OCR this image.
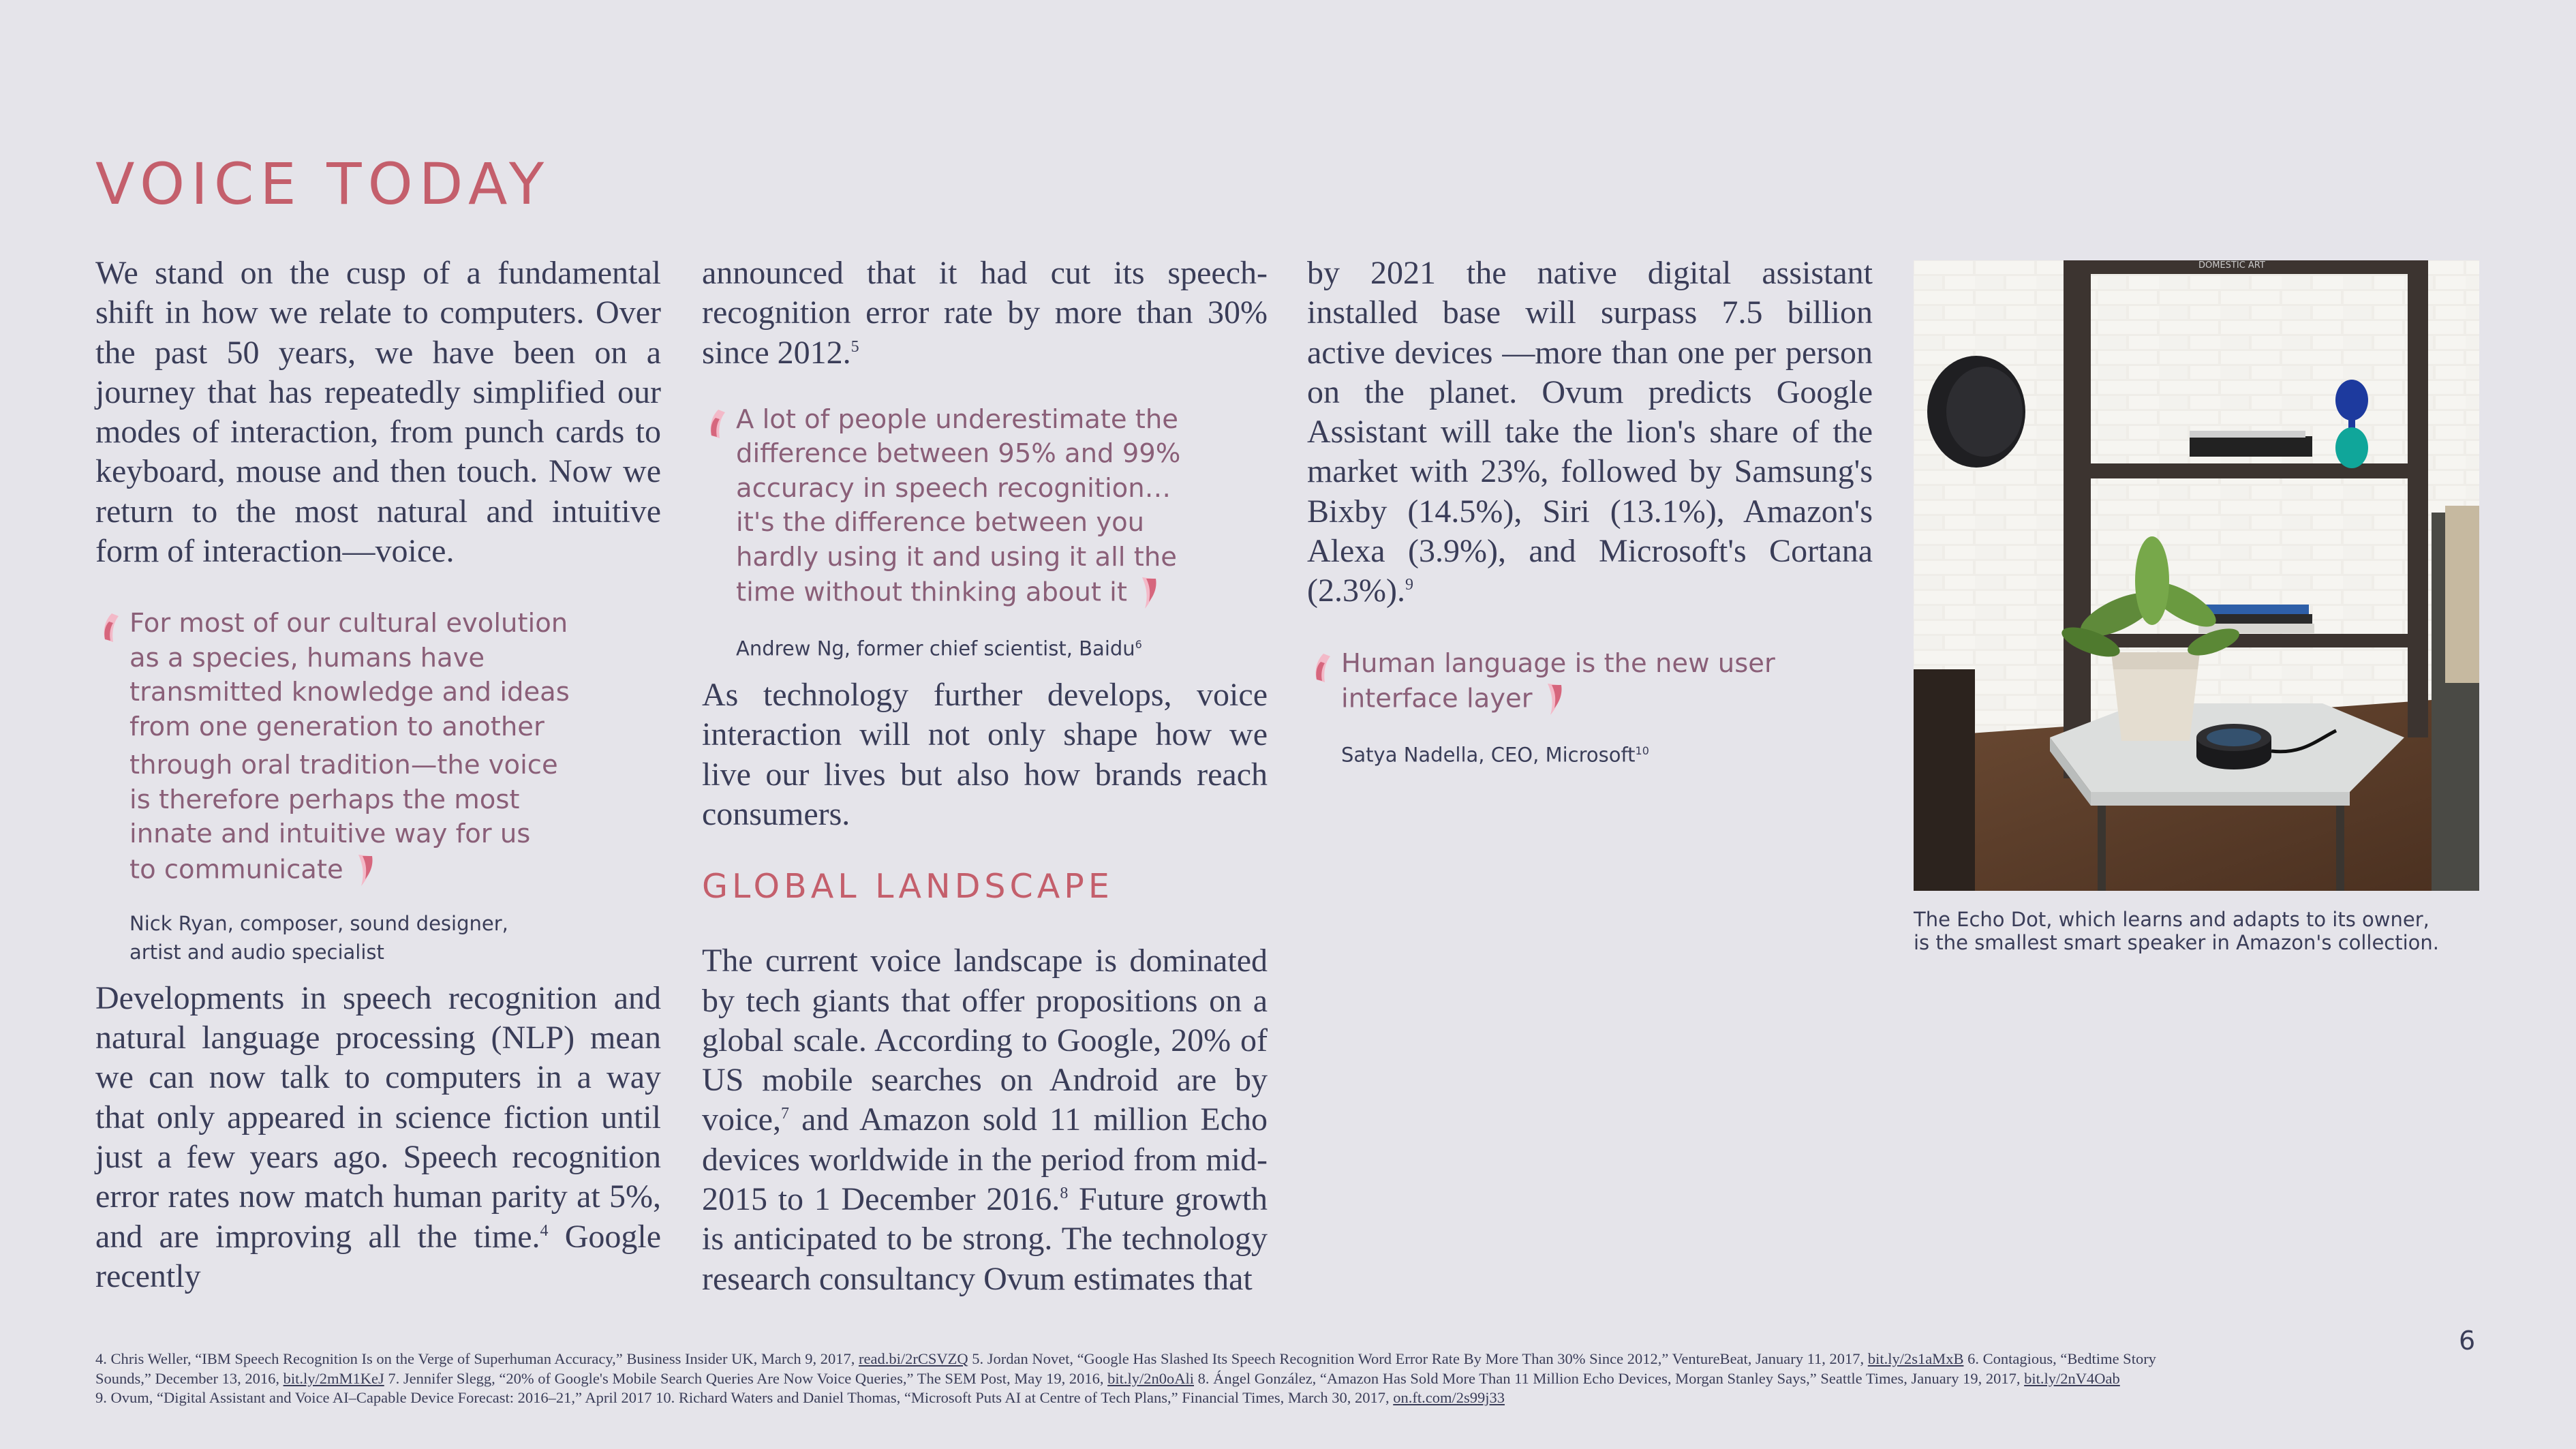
VOICE TODAY

We stand on the cusp of a fundamental shift in how we relate to computers. Over the past 50 years, we have been on a journey that has repeatedly simplified our modes of interaction, from punch cards to keyboard, mouse and then touch. Now we return to the most natural and intuitive form of interaction—voice.

For most of our cultural evolution
as a species, humans have
transmitted knowledge and ideas
from one generation to another
through oral tradition—the voice
is therefore perhaps the most
innate and intuitive way for us
to communicate

Nick Ryan, composer, sound designer,
artist and audio specialist

Developments in speech recognition and natural language processing (NLP) mean we can now talk to computers in a way that only appeared in science fiction until just a few years ago. Speech recognition error rates now match human parity at 5%, and are improving all the time.$^4$ Google recently

announced that it had cut its speech-recognition error rate by more than 30% since 2012.$^5$

A lot of people underestimate the
difference between 95% and 99%
accuracy in speech recognition…
it's the difference between you
hardly using it and using it all the
time without thinking about it

Andrew Ng, former chief scientist, Baidu$^6$

As technology further develops, voice interaction will not only shape how we live our lives but also how brands reach consumers.

GLOBAL LANDSCAPE

The current voice landscape is dominated by tech giants that offer propositions on a global scale. According to Google, 20% of US mobile searches on Android are by voice,$^7$ and Amazon sold 11 million Echo devices worldwide in the period from mid-2015 to 1 December 2016.$^8$ Future growth is anticipated to be strong. The technology research consultancy Ovum estimates that

by 2021 the native digital assistant installed base will surpass 7.5 billion active devices —more than one per person on the planet. Ovum predicts Google Assistant will take the lion's share of the market with 23%, followed by Samsung's Bixby (14.5%), Siri (13.1%), Amazon's Alexa (3.9%), and Microsoft's Cortana (2.3%).$^9$

Human language is the new user
interface layer

Satya Nadella, CEO, Microsoft$^{10}$

DOMESTIC ART
The Echo Dot, which learns and adapts to its owner,
is the smallest smart speaker in Amazon's collection.
6
4. Chris Weller, “IBM Speech Recognition Is on the Verge of Superhuman Accuracy,” Business Insider UK, March 9, 2017, read.bi/2rCSVZQ 5. Jordan Novet, “Google Has Slashed Its Speech Recognition Word Error Rate By More Than 30% Since 2012,” VentureBeat, January 11, 2017, bit.ly/2s1aMxB 6. Contagious, “Bedtime Story
Sounds,” December 13, 2016, bit.ly/2mM1KeJ 7. Jennifer Slegg, “20% of Google's Mobile Search Queries Are Now Voice Queries,” The SEM Post, May 19, 2016, bit.ly/2n0oAli 8. Ángel González, “Amazon Has Sold More Than 11 Million Echo Devices, Morgan Stanley Says,” Seattle Times, January 19, 2017, bit.ly/2nV4Oab
9. Ovum, “Digital Assistant and Voice AI–Capable Device Forecast: 2016–21,” April 2017 10. Richard Waters and Daniel Thomas, “Microsoft Puts AI at Centre of Tech Plans,” Financial Times, March 30, 2017, on.ft.com/2s99j33
